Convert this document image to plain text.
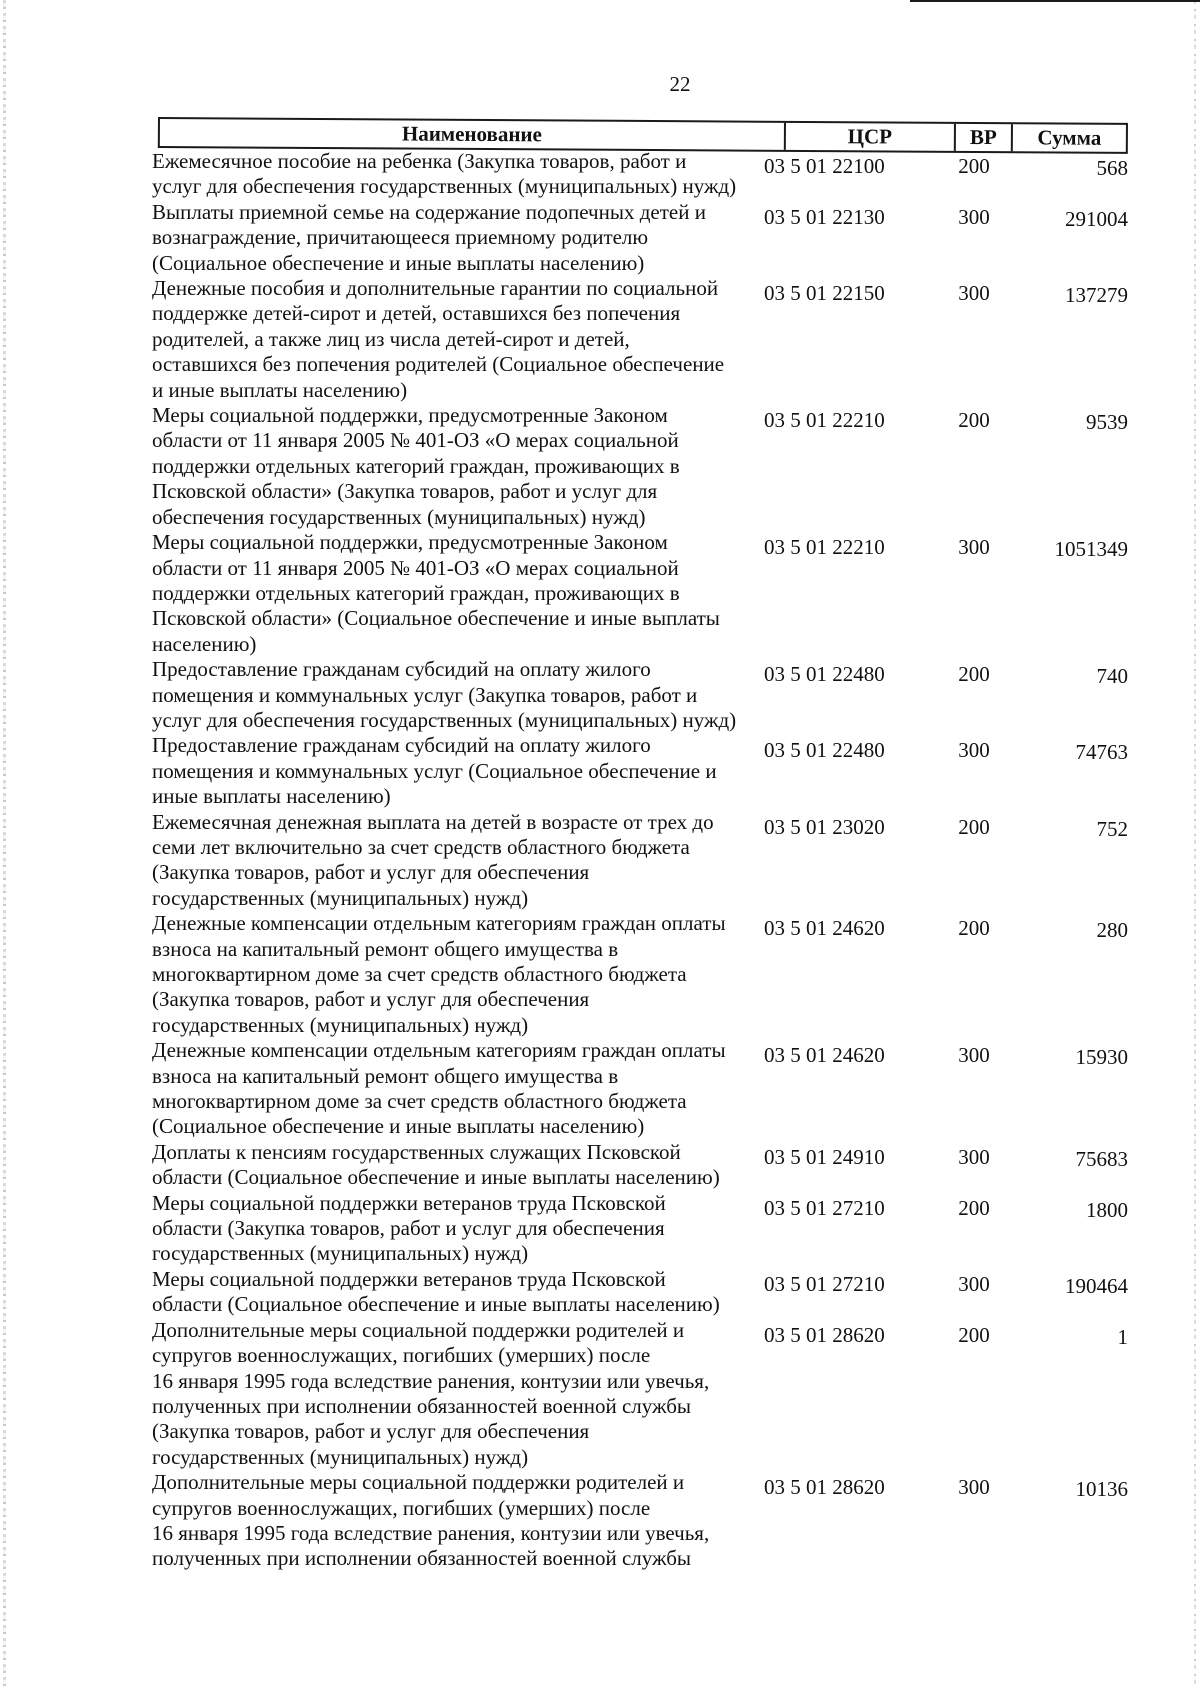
22
Наименование	ЦСР	ВР	Сумма
Ежемесячное пособие на ребенка (Закупка товаров, работ и
услуг для обеспечения государственных (муниципальных) нужд)
03 5 01 22100	200	568
Выплаты приемной семье на содержание подопечных детей и
вознаграждение, причитающееся приемному родителю
(Социальное обеспечение и иные выплаты населению)
03 5 01 22130	300	291004
Денежные пособия и дополнительные гарантии по социальной
поддержке детей-сирот и детей, оставшихся без попечения
родителей, а также лиц из числа детей-сирот и детей,
оставшихся без попечения родителей (Социальное обеспечение
и иные выплаты населению)
03 5 01 22150	300	137279
Меры социальной поддержки, предусмотренные Законом
области от 11 января 2005 № 401-ОЗ «О мерах социальной
поддержки отдельных категорий граждан, проживающих в
Псковской области» (Закупка товаров, работ и услуг для
обеспечения государственных (муниципальных) нужд)
03 5 01 22210	200	9539
Меры социальной поддержки, предусмотренные Законом
области от 11 января 2005 № 401-ОЗ «О мерах социальной
поддержки отдельных категорий граждан, проживающих в
Псковской области» (Социальное обеспечение и иные выплаты
населению)
03 5 01 22210	300	1051349
Предоставление гражданам субсидий на оплату жилого
помещения и коммунальных услуг (Закупка товаров, работ и
услуг для обеспечения государственных (муниципальных) нужд)
03 5 01 22480	200	740
Предоставление гражданам субсидий на оплату жилого
помещения и коммунальных услуг (Социальное обеспечение и
иные выплаты населению)
03 5 01 22480	300	74763
Ежемесячная денежная выплата на детей в возрасте от трех до
семи лет включительно за счет средств областного бюджета
(Закупка товаров, работ и услуг для обеспечения
государственных (муниципальных) нужд)
03 5 01 23020	200	752
Денежные компенсации отдельным категориям граждан оплаты
взноса на капитальный ремонт общего имущества в
многоквартирном доме за счет средств областного бюджета
(Закупка товаров, работ и услуг для обеспечения
государственных (муниципальных) нужд)
03 5 01 24620	200	280
Денежные компенсации отдельным категориям граждан оплаты
взноса на капитальный ремонт общего имущества в
многоквартирном доме за счет средств областного бюджета
(Социальное обеспечение и иные выплаты населению)
03 5 01 24620	300	15930
Доплаты к пенсиям государственных служащих Псковской
области (Социальное обеспечение и иные выплаты населению)
03 5 01 24910	300	75683
Меры социальной поддержки ветеранов труда Псковской
области (Закупка товаров, работ и услуг для обеспечения
государственных (муниципальных) нужд)
03 5 01 27210	200	1800
Меры социальной поддержки ветеранов труда Псковской
области (Социальное обеспечение и иные выплаты населению)
03 5 01 27210	300	190464
Дополнительные меры социальной поддержки родителей и
супругов военнослужащих, погибших (умерших) после
16 января 1995 года вследствие ранения, контузии или увечья,
полученных при исполнении обязанностей военной службы
(Закупка товаров, работ и услуг для обеспечения
государственных (муниципальных) нужд)
03 5 01 28620	200	1
Дополнительные меры социальной поддержки родителей и
супругов военнослужащих, погибших (умерших) после
16 января 1995 года вследствие ранения, контузии или увечья,
полученных при исполнении обязанностей военной службы
03 5 01 28620	300	10136
